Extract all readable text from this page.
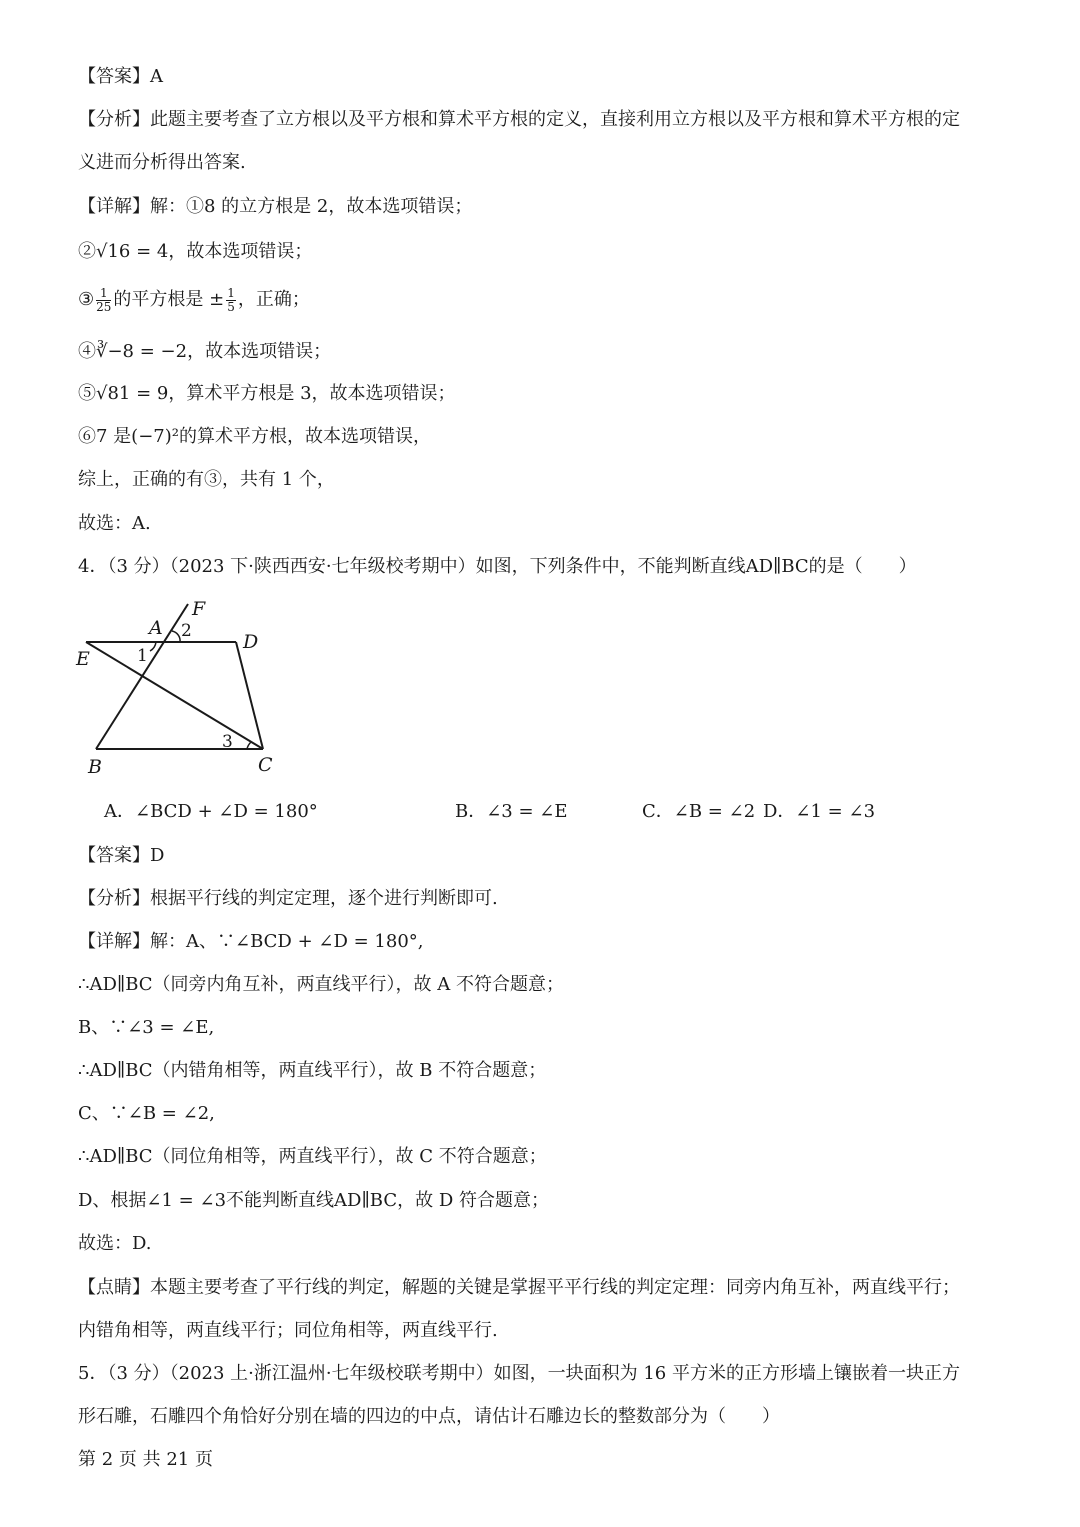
【答案】A
【分析】此题主要考查了立方根以及平方根和算术平方根的定义，直接利用立方根以及平方根和算术平方根的定
义进而分析得出答案.
【详解】解：①8 的立方根是 2，故本选项错误；
②√16 = 4，故本选项错误；
③ $\frac{1}{25}$ 的平方根是 ± $\frac{1}{5}$ ，正确；
④∛−8 = −2，故本选项错误；
⑤√81 = 9，算术平方根是 3，故本选项错误；
⑥7 是(−7)²的算术平方根，故本选项错误，
综上，正确的有③，共有 1 个，
故选：A.
4．（3 分）（2023 下·陕西西安·七年级校考期中）如图，下列条件中，不能判断直线AD∥BC的是（　　）
F
A 2	D
E	1
3
B	C
A．∠BCD + ∠D = 180°	B．∠3 = ∠E	C．∠B = ∠2 D．∠1 = ∠3
【答案】D
【分析】根据平行线的判定定理，逐个进行判断即可.
【详解】解：A、∵∠BCD + ∠D = 180°,
∴AD∥BC（同旁内角互补，两直线平行），故 A 不符合题意；
B、∵∠3 = ∠E,
∴AD∥BC（内错角相等，两直线平行），故 B 不符合题意；
C、∵∠B = ∠2,
∴AD∥BC（同位角相等，两直线平行），故 C 不符合题意；
D、根据∠1 = ∠3不能判断直线AD∥BC，故 D 符合题意；
故选：D.
【点睛】本题主要考查了平行线的判定，解题的关键是掌握平平行线的判定定理：同旁内角互补，两直线平行；
内错角相等，两直线平行；同位角相等，两直线平行.
5．（3 分）（2023 上·浙江温州·七年级校联考期中）如图，一块面积为 16 平方米的正方形墙上镶嵌着一块正方
形石雕，石雕四个角恰好分别在墙的四边的中点，请估计石雕边长的整数部分为（　　）
第 2 页 共 21 页
